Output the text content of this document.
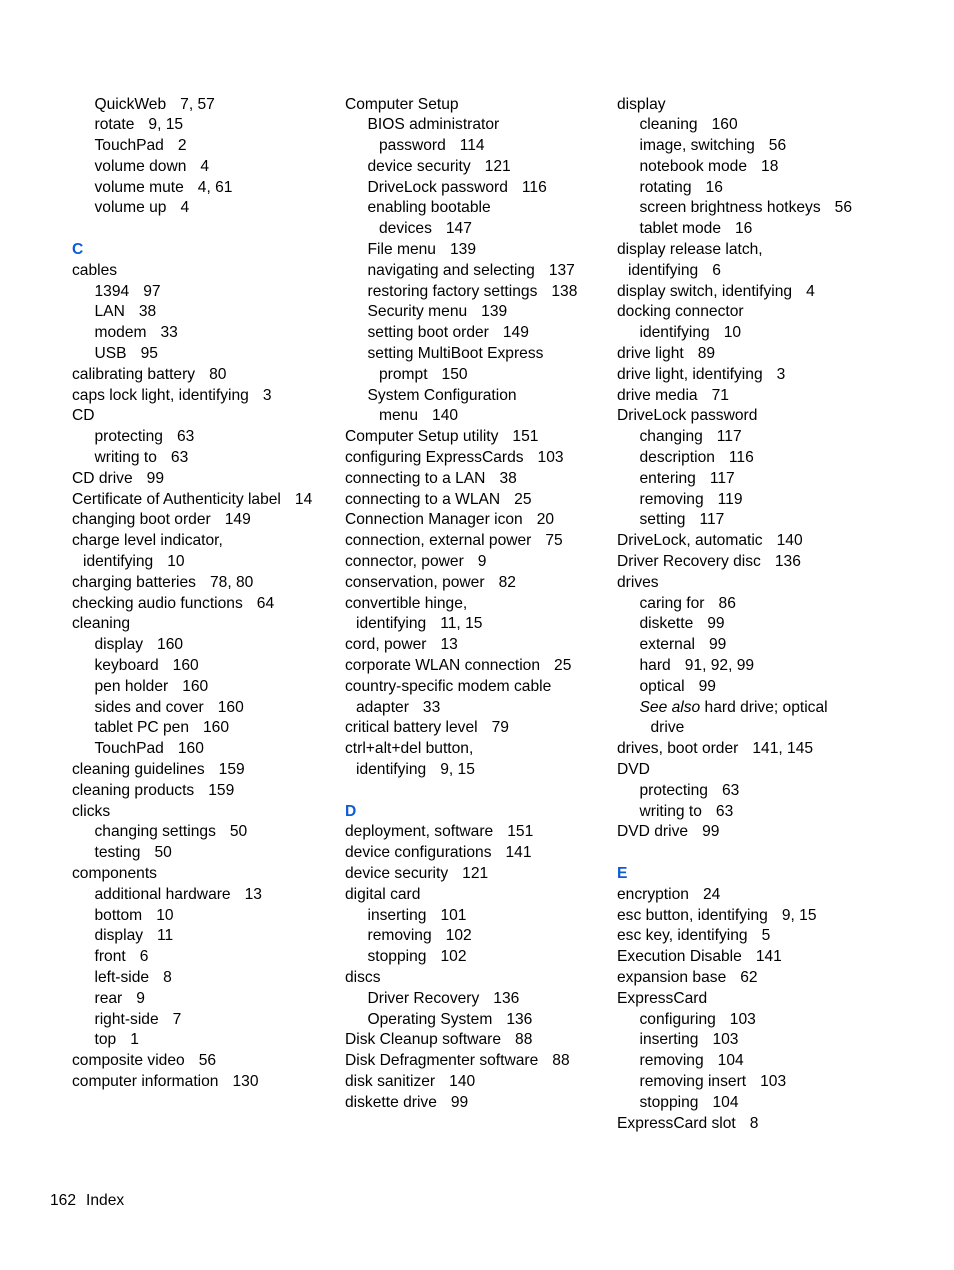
QuickWeb 7, 57
rotate 9, 15
TouchPad 2
volume down 4
volume mute 4, 61
volume up 4
C
cables
1394 97
LAN 38
modem 33
USB 95
calibrating battery 80
caps lock light, identifying 3
CD
protecting 63
writing to 63
CD drive 99
Certificate of Authenticity label 14
changing boot order 149
charge level indicator,
identifying 10
charging batteries 78, 80
checking audio functions 64
cleaning
display 160
keyboard 160
pen holder 160
sides and cover 160
tablet PC pen 160
TouchPad 160
cleaning guidelines 159
cleaning products 159
clicks
changing settings 50
testing 50
components
additional hardware 13
bottom 10
display 11
front 6
left-side 8
rear 9
right-side 7
top 1
composite video 56
computer information 130
Computer Setup
BIOS administrator
password 114
device security 121
DriveLock password 116
enabling bootable
devices 147
File menu 139
navigating and selecting 137
restoring factory settings 138
Security menu 139
setting boot order 149
setting MultiBoot Express
prompt 150
System Configuration
menu 140
Computer Setup utility 151
configuring ExpressCards 103
connecting to a LAN 38
connecting to a WLAN 25
Connection Manager icon 20
connection, external power 75
connector, power 9
conservation, power 82
convertible hinge,
identifying 11, 15
cord, power 13
corporate WLAN connection 25
country-specific modem cable
adapter 33
critical battery level 79
ctrl+alt+del button,
identifying 9, 15
D
deployment, software 151
device configurations 141
device security 121
digital card
inserting 101
removing 102
stopping 102
discs
Driver Recovery 136
Operating System 136
Disk Cleanup software 88
Disk Defragmenter software 88
disk sanitizer 140
diskette drive 99
display
cleaning 160
image, switching 56
notebook mode 18
rotating 16
screen brightness hotkeys 56
tablet mode 16
display release latch,
identifying 6
display switch, identifying 4
docking connector
identifying 10
drive light 89
drive light, identifying 3
drive media 71
DriveLock password
changing 117
description 116
entering 117
removing 119
setting 117
DriveLock, automatic 140
Driver Recovery disc 136
drives
caring for 86
diskette 99
external 99
hard 91, 92, 99
optical 99
See also hard drive; optical
drive
drives, boot order 141, 145
DVD
protecting 63
writing to 63
DVD drive 99
E
encryption 24
esc button, identifying 9, 15
esc key, identifying 5
Execution Disable 141
expansion base 62
ExpressCard
configuring 103
inserting 103
removing 104
removing insert 103
stopping 104
ExpressCard slot 8
162 Index
